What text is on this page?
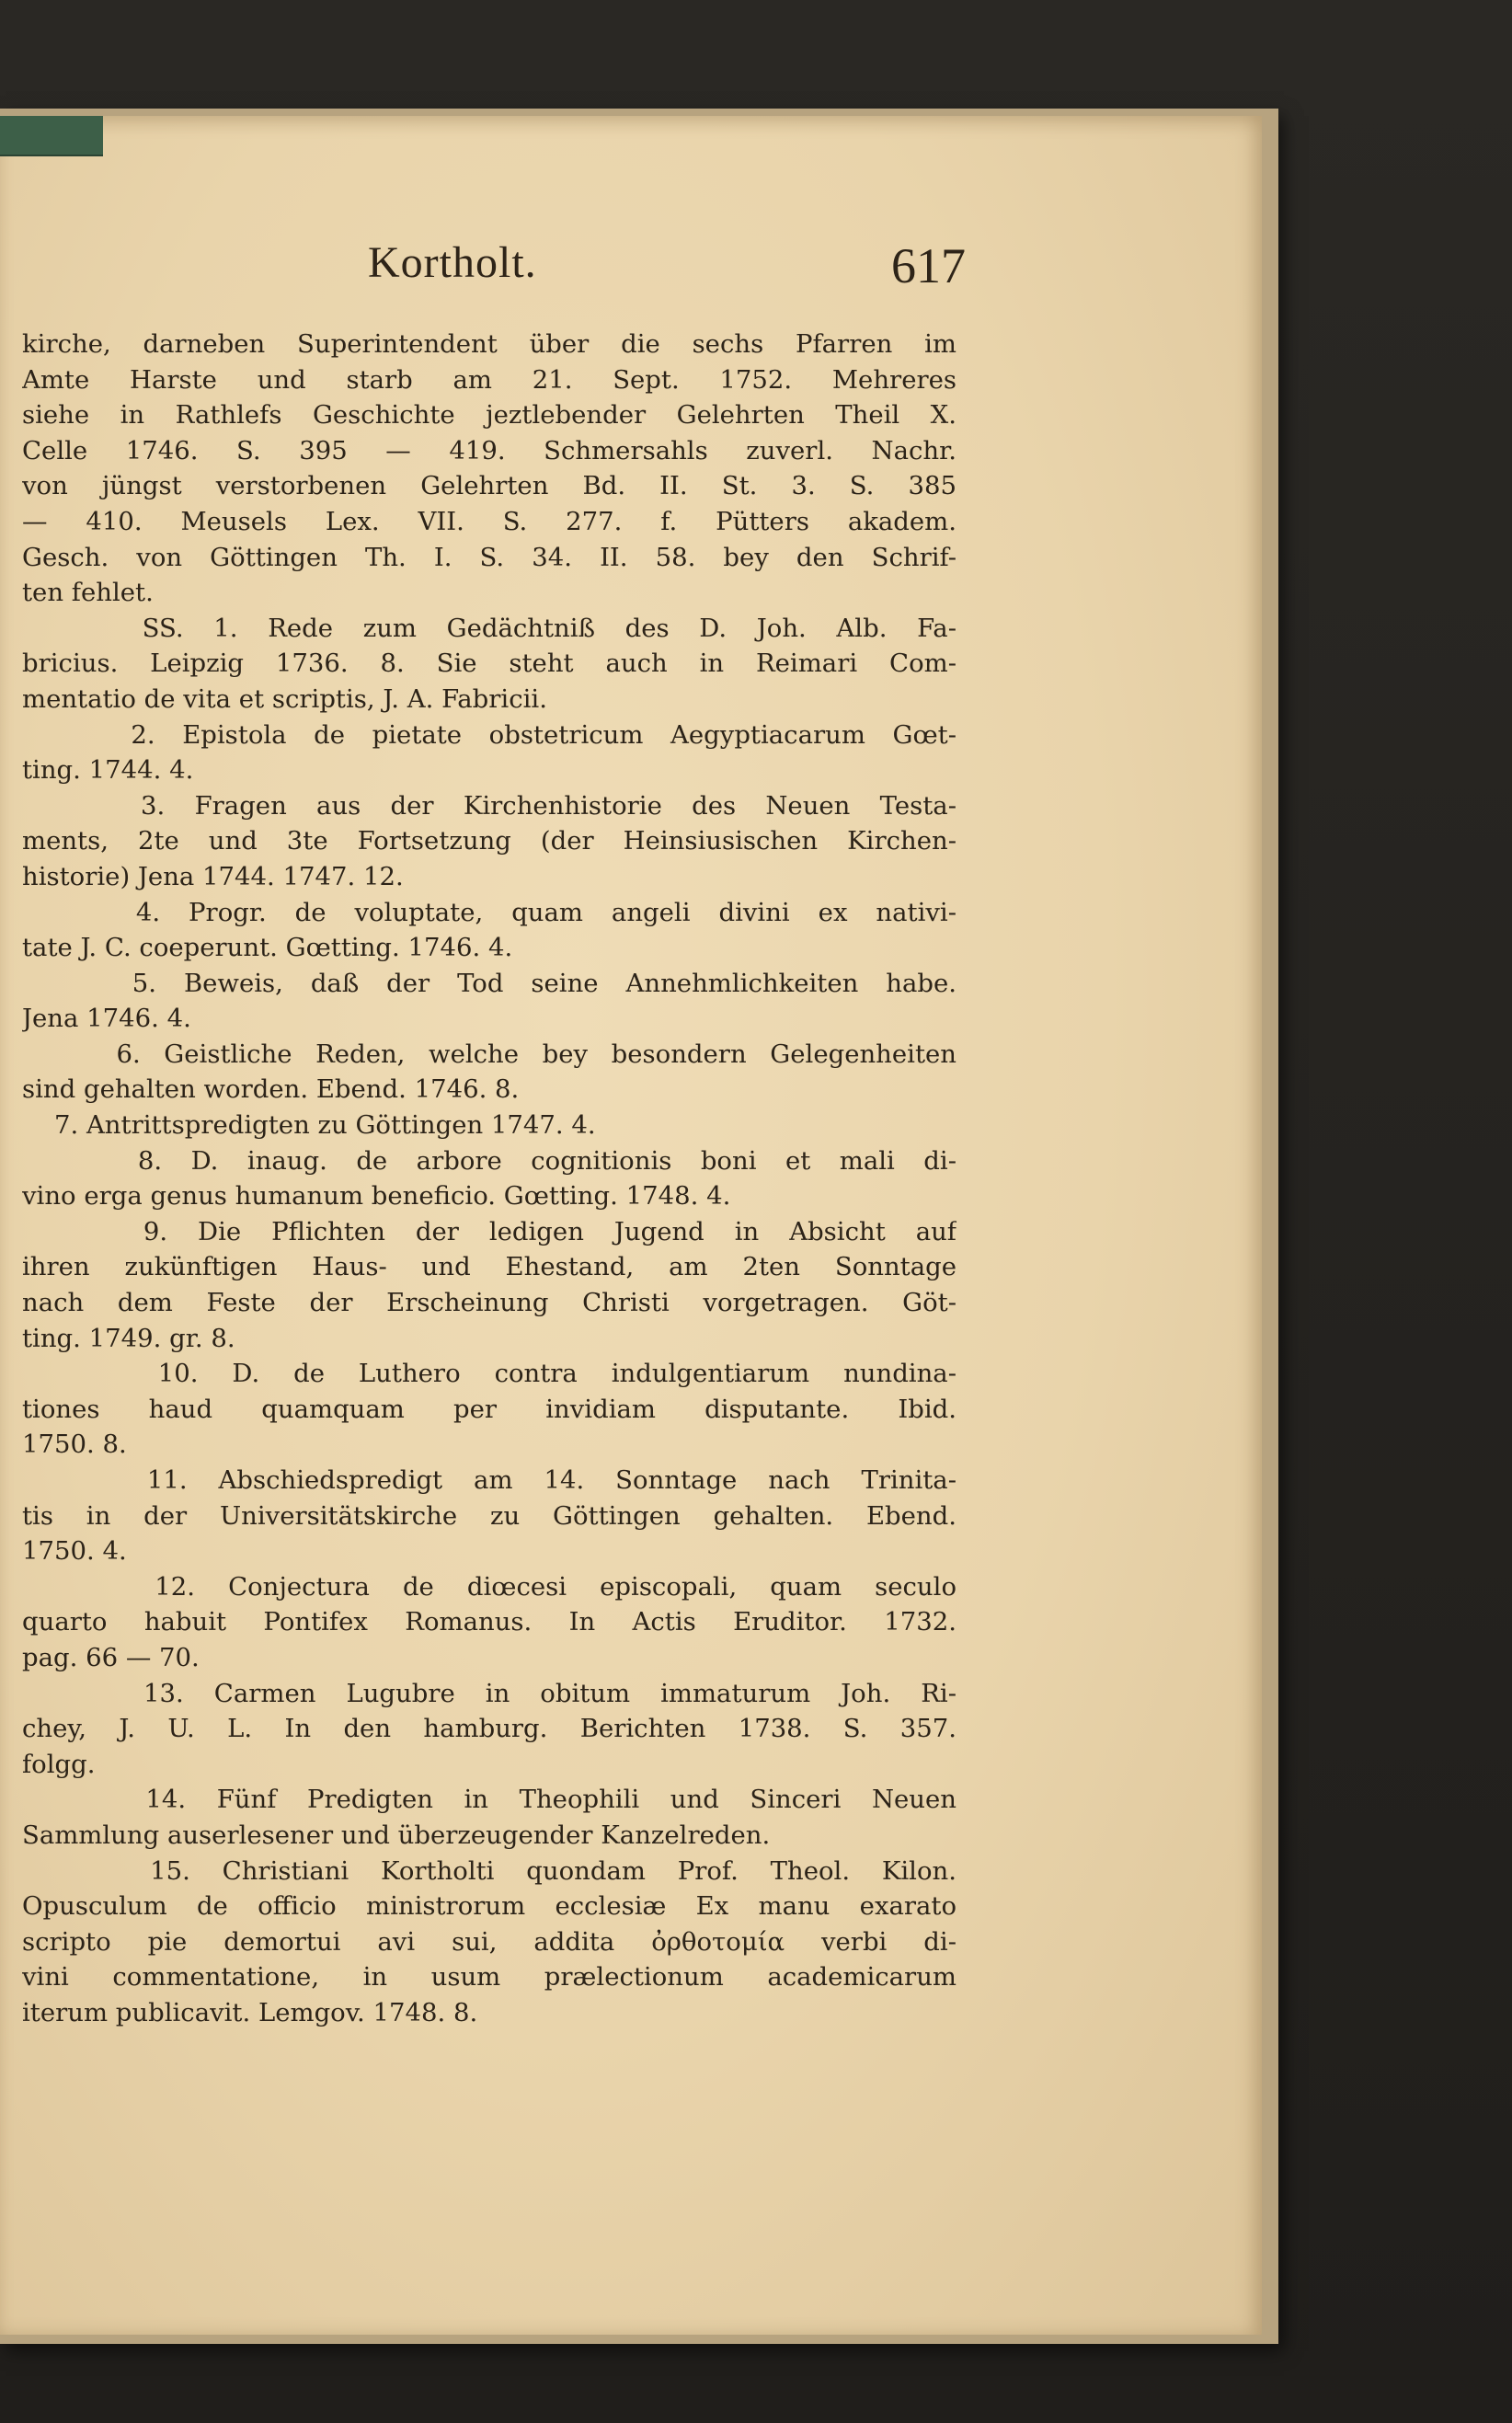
Kortholt.	617
kirche, darneben Superintendent über die sechs Pfarren im
Amte Harste und starb am 21. Sept. 1752. Mehreres
siehe in Rathlefs Geschichte jeztlebender Gelehrten Theil X.
Celle 1746. S. 395 — 419. Schmersahls zuverl. Nachr.
von jüngst verstorbenen Gelehrten Bd. II. St. 3. S. 385
— 410. Meusels Lex. VII. S. 277. f. Pütters akadem.
Gesch. von Göttingen Th. I. S. 34. II. 58. bey den Schrif-
ten fehlet.
SS. 1. Rede zum Gedächtniß des D. Joh. Alb. Fa-
bricius. Leipzig 1736. 8. Sie steht auch in Reimari Com-
mentatio de vita et scriptis, J. A. Fabricii.
2. Epistola de pietate obstetricum Aegyptiacarum Gœt-
ting. 1744. 4.
3. Fragen aus der Kirchenhistorie des Neuen Testa-
ments, 2te und 3te Fortsetzung (der Heinsiusischen Kirchen-
historie) Jena 1744. 1747. 12.
4. Progr. de voluptate, quam angeli divini ex nativi-
tate J. C. coeperunt. Gœtting. 1746. 4.
5. Beweis, daß der Tod seine Annehmlichkeiten habe.
Jena 1746. 4.
6. Geistliche Reden, welche bey besondern Gelegenheiten
sind gehalten worden. Ebend. 1746. 8.
7. Antrittspredigten zu Göttingen 1747. 4.
8. D. inaug. de arbore cognitionis boni et mali di-
vino erga genus humanum beneficio. Gœtting. 1748. 4.
9. Die Pflichten der ledigen Jugend in Absicht auf
ihren zukünftigen Haus- und Ehestand, am 2ten Sonntage
nach dem Feste der Erscheinung Christi vorgetragen. Göt-
ting. 1749. gr. 8.
10. D. de Luthero contra indulgentiarum nundina-
tiones haud quamquam per invidiam disputante. Ibid.
1750. 8.
11. Abschiedspredigt am 14. Sonntage nach Trinita-
tis in der Universitätskirche zu Göttingen gehalten. Ebend.
1750. 4.
12. Conjectura de diœcesi episcopali, quam seculo
quarto habuit Pontifex Romanus. In Actis Eruditor. 1732.
pag. 66 — 70.
13. Carmen Lugubre in obitum immaturum Joh. Ri-
chey, J. U. L. In den hamburg. Berichten 1738. S. 357.
folgg.
14. Fünf Predigten in Theophili und Sinceri Neuen
Sammlung auserlesener und überzeugender Kanzelreden.
15. Christiani Kortholti quondam Prof. Theol. Kilon.
Opusculum de officio ministrorum ecclesiæ Ex manu exarato
scripto pie demortui avi sui, addita ὀρθοτομία verbi di-
vini commentatione, in usum prælectionum academicarum
iterum publicavit. Lemgov. 1748. 8.
